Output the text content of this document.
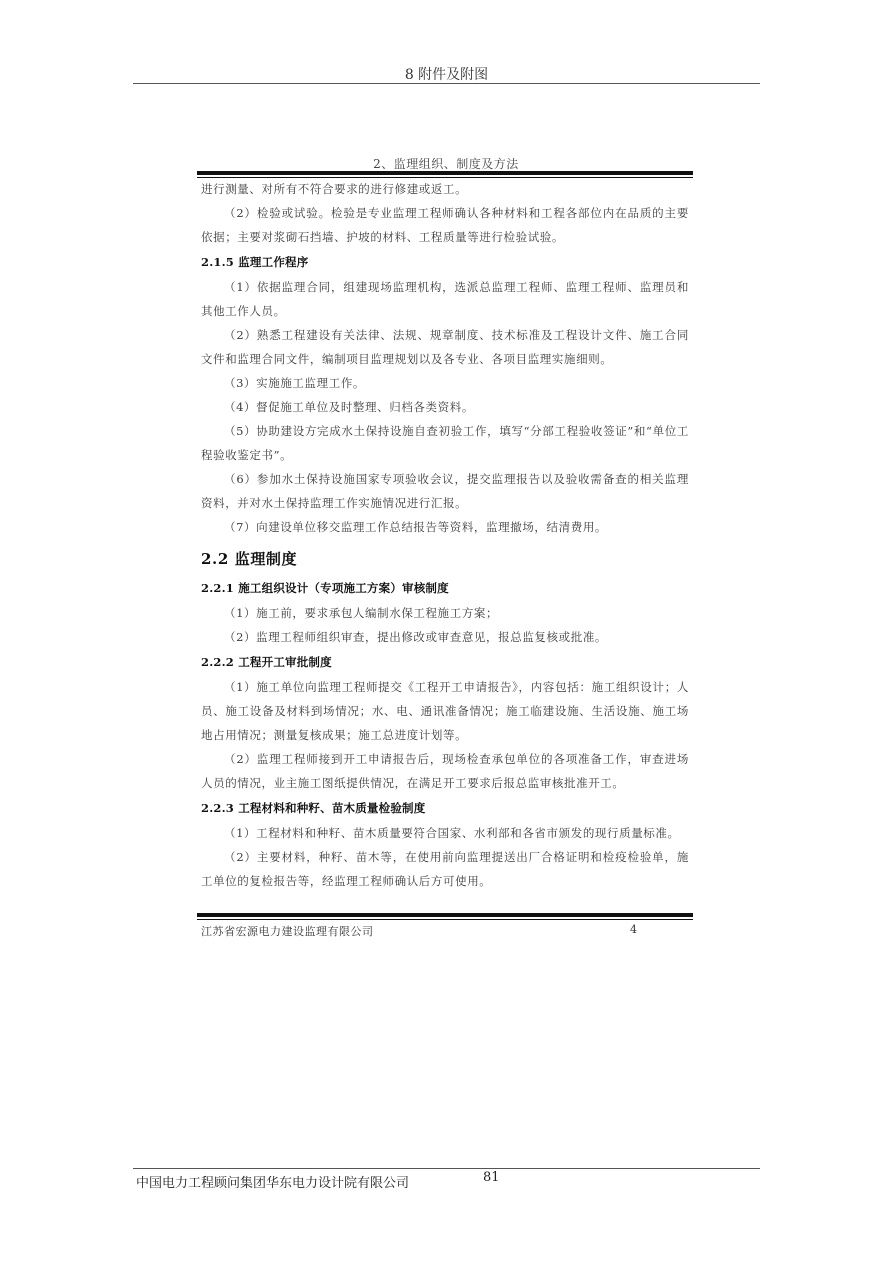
8 附件及附图
2、监理组织、制度及方法

进行测量、对所有不符合要求的进行修建或返工。

（2）检验或试验。检验是专业监理工程师确认各种材料和工程各部位内在品质的主要依据；主要对浆砌石挡墙、护坡的材料、工程质量等进行检验试验。

2.1.5 监理工作程序

（1）依据监理合同，组建现场监理机构，选派总监理工程师、监理工程师、监理员和其他工作人员。

（2）熟悉工程建设有关法律、法规、规章制度、技术标准及工程设计文件、施工合同文件和监理合同文件，编制项目监理规划以及各专业、各项目监理实施细则。

（3）实施施工监理工作。

（4）督促施工单位及时整理、归档各类资料。

（5）协助建设方完成水土保持设施自查初验工作，填写“分部工程验收签证”和“单位工程验收鉴定书”。

（6）参加水土保持设施国家专项验收会议，提交监理报告以及验收需备查的相关监理资料，并对水土保持监理工作实施情况进行汇报。

（7）向建设单位移交监理工作总结报告等资料，监理撤场，结清费用。

2.2 监理制度
2.2.1 施工组织设计（专项施工方案）审核制度

（1）施工前，要求承包人编制水保工程施工方案；

（2）监理工程师组织审查，提出修改或审查意见，报总监复核或批准。

2.2.2 工程开工审批制度

（1）施工单位向监理工程师提交《工程开工申请报告》，内容包括：施工组织设计；人员、施工设备及材料到场情况；水、电、通讯准备情况；施工临建设施、生活设施、施工场地占用情况；测量复核成果；施工总进度计划等。

（2）监理工程师接到开工申请报告后，现场检查承包单位的各项准备工作，审查进场人员的情况，业主施工图纸提供情况，在满足开工要求后报总监审核批准开工。

2.2.3 工程材料和种籽、苗木质量检验制度

（1）工程材料和种籽、苗木质量要符合国家、水利部和各省市颁发的现行质量标准。

（2）主要材料，种籽、苗木等，在使用前向监理提送出厂合格证明和检疫检验单，施工单位的复检报告等，经监理工程师确认后方可使用。

江苏省宏源电力建设监理有限公司	4
中国电力工程顾问集团华东电力设计院有限公司	81
